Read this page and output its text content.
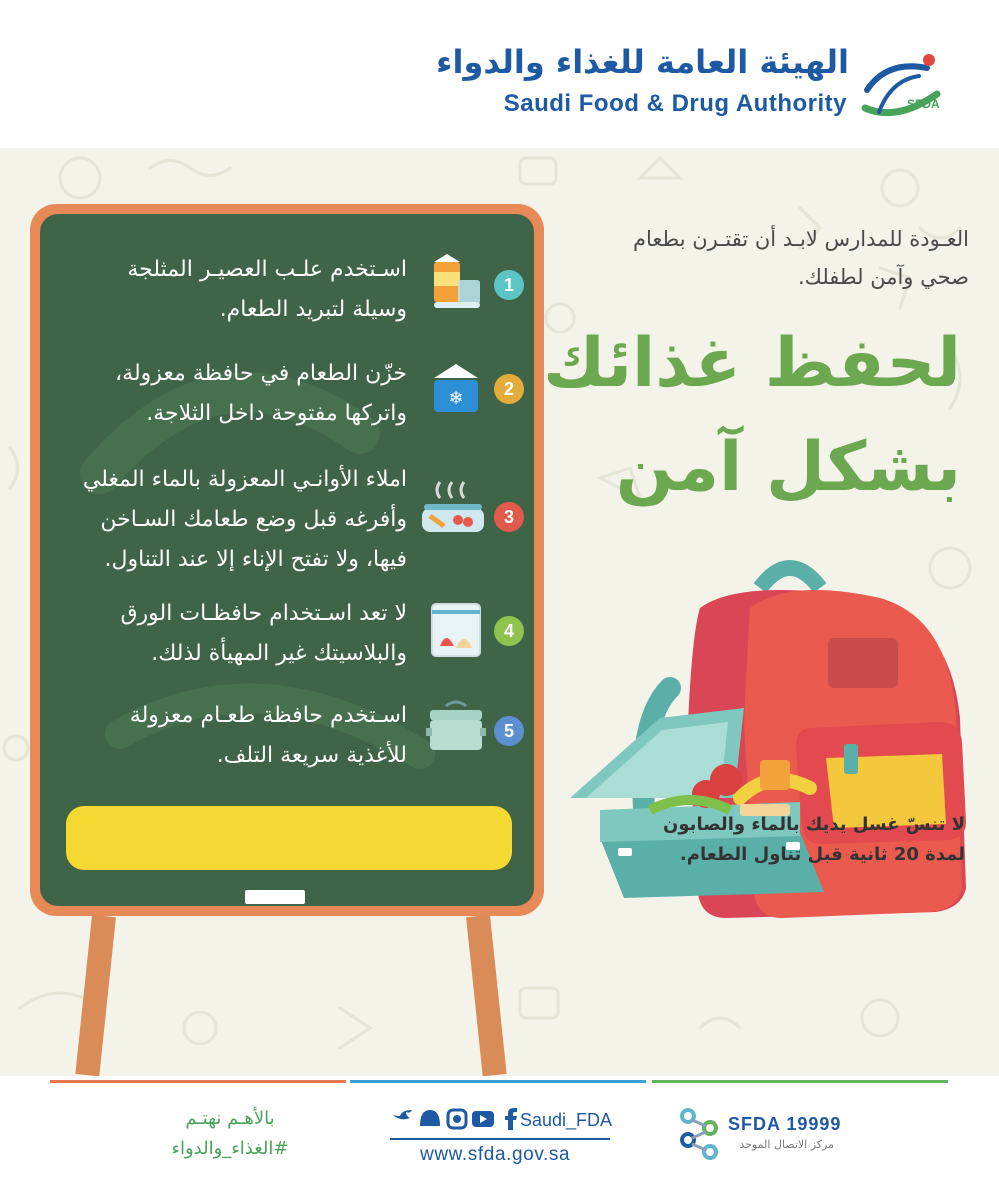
الهيئة العامة للغذاء والدواء
Saudi Food & Drug Authority	SFDA
اسـتخدم علـب العصيـر المثلجة
وسيلة لتبريد الطعام.
1
خزّن الطعام في حافظة معزولة،
واتركها مفتوحة داخل الثلاجة.
❄	2
املاء الأوانـي المعزولة بالماء المغلي
وأفرغه قبل وضع طعامك السـاخن
فيها، ولا تفتح الإناء إلا عند التناول.
3
لا تعد اسـتخدام حافظـات الورق
والبلاسيتك غير المهيأة لذلك.
4
اسـتخدم حافظة طعـام معزولة
للأغذية سريعة التلف.
5
العـودة للمدارس لابـد أن تقتـرن بطعام
صحي وآمن لطفلك.
لحفظ غذائك
بشكل آمن
لا تنسّ غسل يديك بالماء والصابون
لمدة 20 ثانية قبل تناول الطعام.
بالأهـم نهتـم
#الغذاء_والدواء
Saudi_FDA
www.sfda.gov.sa
SFDA 19999
مركز الاتصال الموحد
